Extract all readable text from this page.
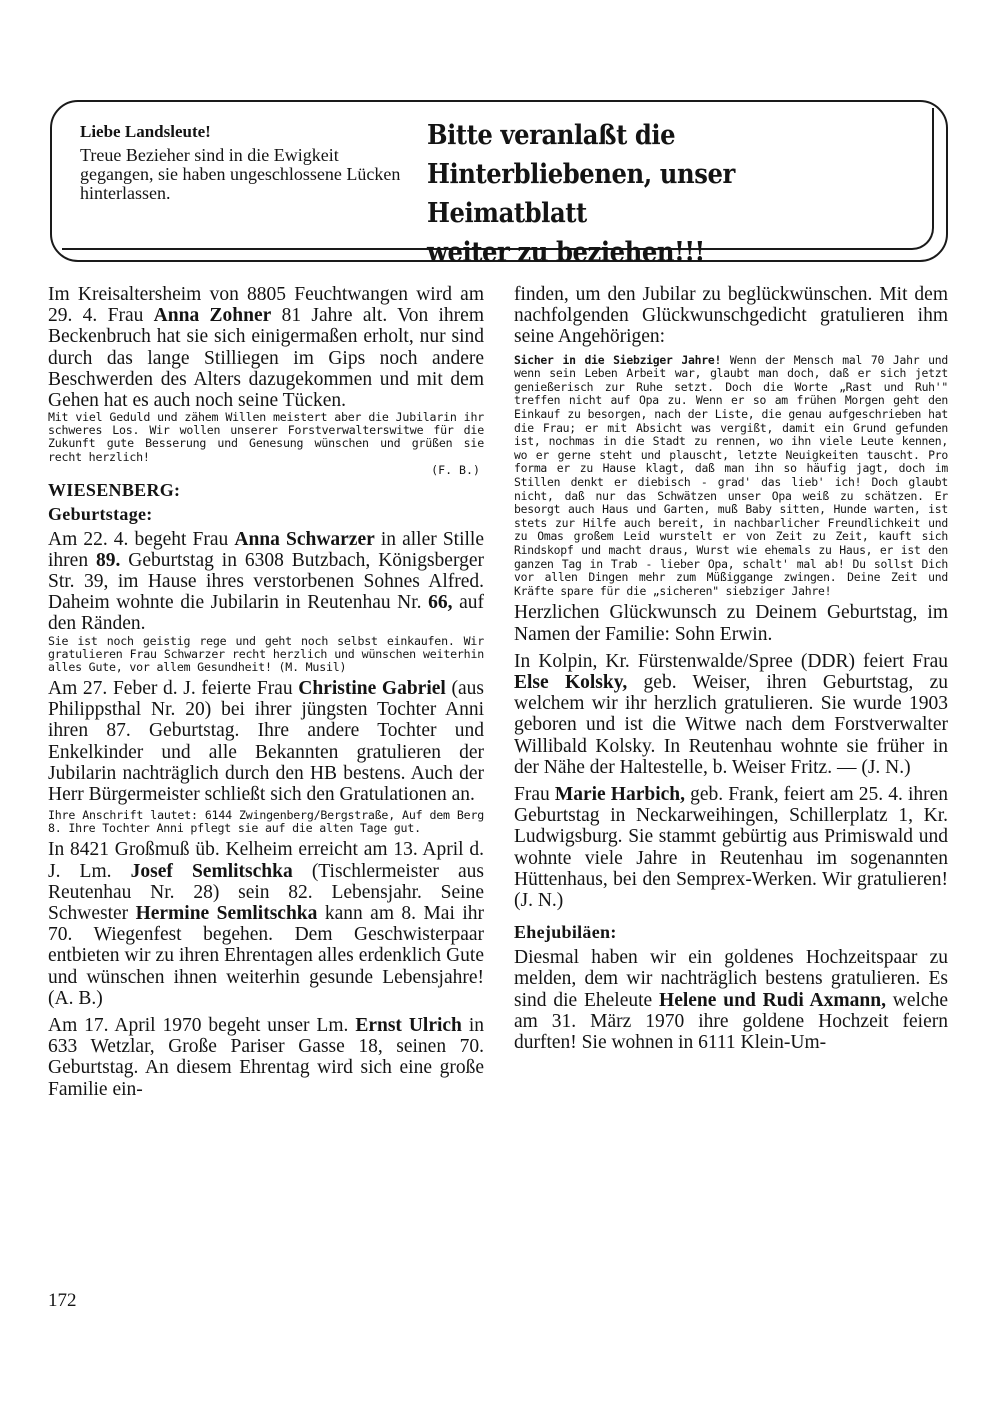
Liebe Landsleute!

Treue Bezieher sind in die Ewigkeit gegangen, sie haben ungeschlossene Lücken hinterlassen.

Bitte veranlaßt die
Hinterbliebenen, unser Heimatblatt
weiter zu beziehen!!!

Im Kreisaltersheim von 8805 Feuchtwangen wird am 29. 4. Frau Anna Zohner 81 Jahre alt. Von ihrem Beckenbruch hat sie sich einigermaßen erholt, nur sind durch das lange Stilliegen im Gips noch andere Beschwerden des Alters dazugekommen und mit dem Gehen hat es auch noch seine Tücken.

Mit viel Geduld und zähem Willen meistert aber die Jubilarin ihr schweres Los. Wir wollen unserer Forstverwalterswitwe für die Zukunft gute Besserung und Genesung wünschen und grüßen sie recht herzlich!

(F. B.)

WIESENBERG:

Geburtstage:

Am 22. 4. begeht Frau Anna Schwarzer in aller Stille ihren 89. Geburtstag in 6308 Butzbach, Königsberger Str. 39, im Hause ihres verstorbenen Sohnes Alfred. Daheim wohnte die Jubilarin in Reutenhau Nr. 66, auf den Ränden.

Sie ist noch geistig rege und geht noch selbst einkaufen. Wir gratulieren Frau Schwarzer recht herzlich und wünschen weiterhin alles Gute, vor allem Gesundheit! (M. Musil)

Am 27. Feber d. J. feierte Frau Christine Gabriel (aus Philippsthal Nr. 20) bei ihrer jüngsten Tochter Anni ihren 87. Geburtstag. Ihre andere Tochter und Enkelkinder und alle Bekannten gratulieren der Jubilarin nachträglich durch den HB bestens. Auch der Herr Bürgermeister schließt sich den Gratulationen an.

Ihre Anschrift lautet: 6144 Zwingenberg/Bergstraße, Auf dem Berg 8. Ihre Tochter Anni pflegt sie auf die alten Tage gut.

In 8421 Großmuß üb. Kelheim erreicht am 13. April d. J. Lm. Josef Semlitschka (Tischlermeister aus Reutenhau Nr. 28) sein 82. Lebensjahr. Seine Schwester Hermine Semlitschka kann am 8. Mai ihr 70. Wiegenfest begehen. Dem Geschwisterpaar entbieten wir zu ihren Ehrentagen alles erdenklich Gute und wünschen ihnen weiterhin gesunde Lebensjahre! (A. B.)

Am 17. April 1970 begeht unser Lm. Ernst Ulrich in 633 Wetzlar, Große Pariser Gasse 18, seinen 70. Geburtstag. An diesem Ehrentag wird sich eine große Familie ein-

finden, um den Jubilar zu beglückwünschen. Mit dem nachfolgenden Glückwunschgedicht gratulieren ihm seine Angehörigen:

Sicher in die Siebziger Jahre! Wenn der Mensch mal 70 Jahr und wenn sein Leben Arbeit war, glaubt man doch, daß er sich jetzt genießerisch zur Ruhe setzt. Doch die Worte „Rast und Ruh'" treffen nicht auf Opa zu. Wenn er so am frühen Morgen geht den Einkauf zu besorgen, nach der Liste, die genau aufgeschrieben hat die Frau; er mit Absicht was vergißt, damit ein Grund gefunden ist, nochmas in die Stadt zu rennen, wo ihn viele Leute kennen, wo er gerne steht und plauscht, letzte Neuigkeiten tauscht. Pro forma er zu Hause klagt, daß man ihn so häufig jagt, doch im Stillen denkt er diebisch - grad' das lieb' ich! Doch glaubt nicht, daß nur das Schwätzen unser Opa weiß zu schätzen. Er besorgt auch Haus und Garten, muß Baby sitten, Hunde warten, ist stets zur Hilfe auch bereit, in nachbarlicher Freundlichkeit und zu Omas großem Leid wurstelt er von Zeit zu Zeit, kauft sich Rindskopf und macht draus, Wurst wie ehemals zu Haus, er ist den ganzen Tag in Trab - lieber Opa, schalt' mal ab! Du sollst Dich vor allen Dingen mehr zum Müßiggange zwingen. Deine Zeit und Kräfte spare für die „sicheren" siebziger Jahre!

Herzlichen Glückwunsch zu Deinem Geburtstag, im Namen der Familie: Sohn Erwin.

In Kolpin, Kr. Fürstenwalde/Spree (DDR) feiert Frau Else Kolsky, geb. Weiser, ihren Geburtstag, zu welchem wir ihr herzlich gratulieren. Sie wurde 1903 geboren und ist die Witwe nach dem Forstverwalter Willibald Kolsky. In Reutenhau wohnte sie früher in der Nähe der Haltestelle, b. Weiser Fritz. — (J. N.)

Frau Marie Harbich, geb. Frank, feiert am 25. 4. ihren Geburtstag in Neckarweihingen, Schillerplatz 1, Kr. Ludwigsburg. Sie stammt gebürtig aus Primiswald und wohnte viele Jahre in Reutenhau im sogenannten Hüttenhaus, bei den Semprex-Werken. Wir gratulieren! (J. N.)

Ehejubiläen:

Diesmal haben wir ein goldenes Hochzeitspaar zu melden, dem wir nachträglich bestens gratulieren. Es sind die Eheleute Helene und Rudi Axmann, welche am 31. März 1970 ihre goldene Hochzeit feiern durften! Sie wohnen in 6111 Klein-Um-

172
